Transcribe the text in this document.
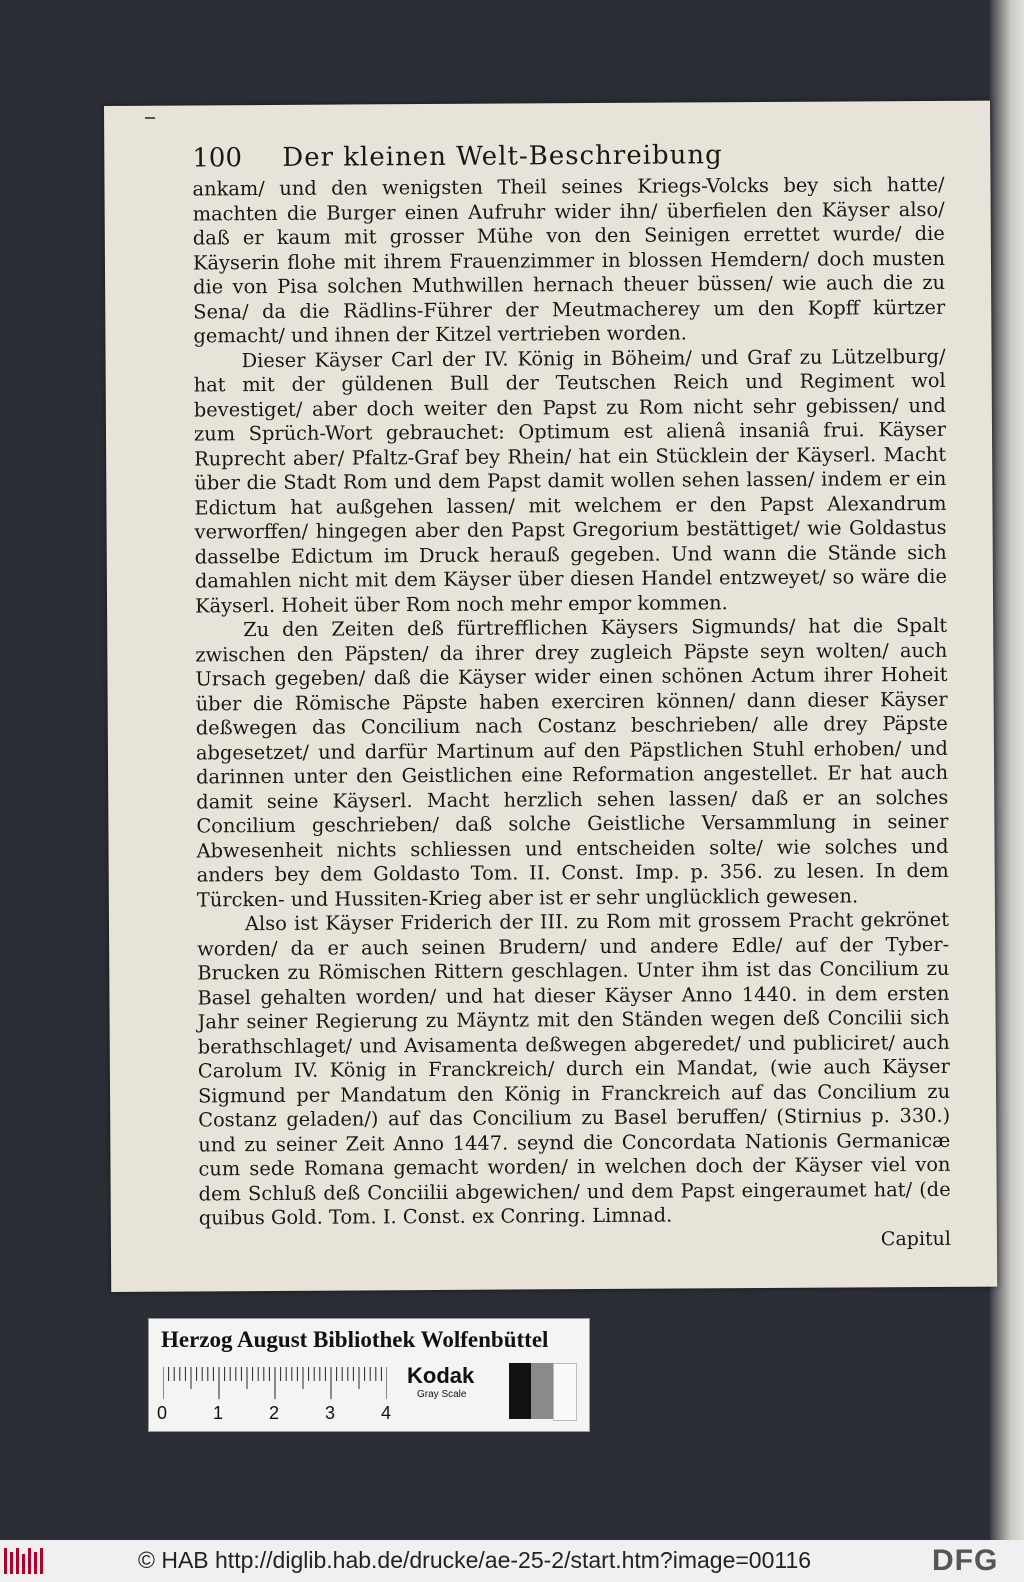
100	Der kleinen Welt-Beschreibung

ankam/ und den wenigsten Theil seines Kriegs-Volcks bey sich hatte/ machten die Burger einen Aufruhr wider ihn/ überfielen den Käyser also/ daß er kaum mit grosser Mühe von den Seinigen errettet wurde/ die Käyserin flohe mit ihrem Frauenzimmer in blossen Hemdern/ doch musten die von Pisa solchen Muthwillen hernach theuer büssen/ wie auch die zu Sena/ da die Rädlins-Führer der Meutmacherey um den Kopff kürtzer gemacht/ und ihnen der Kitzel vertrieben worden.

Dieser Käyser Carl der IV. König in Böheim/ und Graf zu Lützelburg/ hat mit der güldenen Bull der Teutschen Reich und Regiment wol bevestiget/ aber doch weiter den Papst zu Rom nicht sehr gebissen/ und zum Sprüch-Wort gebrauchet: Optimum est alienâ insaniâ frui. Käyser Ruprecht aber/ Pfaltz-Graf bey Rhein/ hat ein Stücklein der Käyserl. Macht über die Stadt Rom und dem Papst damit wollen sehen lassen/ indem er ein Edictum hat außgehen lassen/ mit welchem er den Papst Alexandrum verworffen/ hingegen aber den Papst Gregorium bestättiget/ wie Goldastus dasselbe Edictum im Druck herauß gegeben. Und wann die Stände sich damahlen nicht mit dem Käyser über diesen Handel entzweyet/ so wäre die Käyserl. Hoheit über Rom noch mehr empor kommen.

Zu den Zeiten deß fürtrefflichen Käysers Sigmunds/ hat die Spalt zwischen den Päpsten/ da ihrer drey zugleich Päpste seyn wolten/ auch Ursach gegeben/ daß die Käyser wider einen schönen Actum ihrer Hoheit über die Römische Päpste haben exerciren können/ dann dieser Käyser deßwegen das Concilium nach Costanz beschrieben/ alle drey Päpste abgesetzet/ und darfür Martinum auf den Päpstlichen Stuhl erhoben/ und darinnen unter den Geistlichen eine Reformation angestellet. Er hat auch damit seine Käyserl. Macht herzlich sehen lassen/ daß er an solches Concilium geschrieben/ daß solche Geistliche Versammlung in seiner Abwesenheit nichts schliessen und entscheiden solte/ wie solches und anders bey dem Goldasto Tom. II. Const. Imp. p. 356. zu lesen. In dem Türcken- und Hussiten-Krieg aber ist er sehr unglücklich gewesen.

Also ist Käyser Friderich der III. zu Rom mit grossem Pracht gekrönet worden/ da er auch seinen Brudern/ und andere Edle/ auf der Tyber-Brucken zu Römischen Rittern geschlagen. Unter ihm ist das Concilium zu Basel gehalten worden/ und hat dieser Käyser Anno 1440. in dem ersten Jahr seiner Regierung zu Mäyntz mit den Ständen wegen deß Concilii sich berathschlaget/ und Avisamenta deßwegen abgeredet/ und publiciret/ auch Carolum IV. König in Franckreich/ durch ein Mandat, (wie auch Käyser Sigmund per Mandatum den König in Franckreich auf das Concilium zu Costanz geladen/) auf das Concilium zu Basel beruffen/ (Stirnius p. 330.) und zu seiner Zeit Anno 1447. seynd die Concordata Nationis Germanicæ cum sede Romana gemacht worden/ in welchen doch der Käyser viel von dem Schluß deß Conciilii abgewichen/ und dem Papst eingeraumet hat/ (de quibus Gold. Tom. I. Const. ex Conring. Limnad.

Capitul
Herzog August Bibliothek Wolfenbüttel
0	1	2	3	4
Kodak
Gray Scale
© HAB http://diglib.hab.de/drucke/ae-25-2/start.htm?image=00116	DFG
